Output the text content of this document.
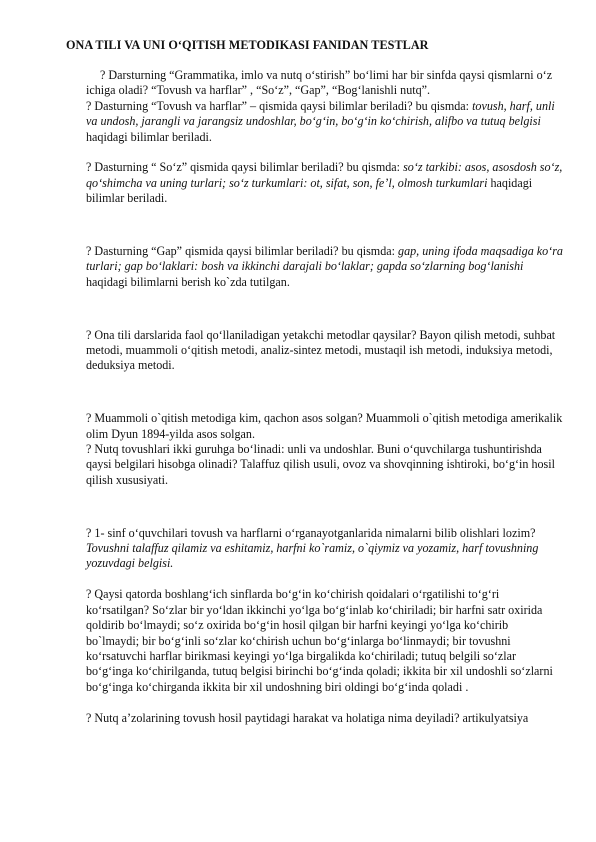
ONA TILI VA UNI O‘QITISH METODIKASI FANIDAN TESTLAR

? Darsturning “Grammatika, imlo va nutq o‘stirish” bo‘limi har bir sinfda qaysi qismlarni o‘z ichiga oladi? “Tovush va harflar” , “So‘z”, “Gap”, “Bog‘lanishli nutq”.

? Dasturning “Tovush va harflar” – qismida qaysi bilimlar beriladi? bu qismda: tovush, harf, unli va undosh, jarangli va jarangsiz undoshlar, bo‘g‘in, bo‘g‘in ko‘chirish, alifbo va tutuq belgisi haqidagi bilimlar beriladi.

? Dasturning “ So‘z” qismida qaysi bilimlar beriladi? bu qismda: so‘z tarkibi: asos, asosdosh so‘z, qo‘shimcha va uning turlari; so‘z turkumlari: ot, sifat, son, fe’l, olmosh turkumlari haqidagi bilimlar beriladi.

? Dasturning “Gap” qismida qaysi bilimlar beriladi? bu qismda: gap, uning ifoda maqsadiga ko‘ra turlari; gap bo‘laklari: bosh va ikkinchi darajali bo‘laklar; gapda so‘zlarning bog‘lanishi haqidagi bilimlarni berish ko`zda tutilgan.

? Ona tili darslarida faol qo‘llaniladigan yetakchi metodlar qaysilar? Bayon qilish metodi, suhbat metodi, muammoli o‘qitish metodi, analiz-sintez metodi, mustaqil ish metodi, induksiya metodi, deduksiya metodi.

? Muammoli o`qitish metodiga kim, qachon asos solgan? Muammoli o`qitish metodiga amerikalik olim Dyun 1894-yilda asos solgan.

? Nutq tovushlari ikki guruhga bo‘linadi: unli va undoshlar. Buni o‘quvchilarga tushuntirishda qaysi belgilari hisobga olinadi? Talaffuz qilish usuli, ovoz va shovqinning ishtiroki, bo‘g‘in hosil qilish xususiyati.

? 1- sinf o‘quvchilari tovush va harflarni o‘rganayotganlarida nimalarni bilib olishlari lozim? Tovushni talaffuz qilamiz va eshitamiz, harfni ko`ramiz, o`qiymiz va yozamiz, harf tovushning yozuvdagi belgisi.

? Qaysi qatorda boshlang‘ich sinflarda bo‘g‘in ko‘chirish qoidalari o‘rgatilishi to‘g‘ri ko‘rsatilgan? So‘zlar bir yo‘ldan ikkinchi yo‘lga bo‘g‘inlab ko‘chiriladi; bir harfni satr oxirida qoldirib bo‘lmaydi; so‘z oxirida bo‘g‘in hosil qilgan bir harfni keyingi yo‘lga ko‘chirib bo`lmaydi; bir bo‘g‘inli so‘zlar ko‘chirish uchun bo‘g‘inlarga bo‘linmaydi; bir tovushni ko‘rsatuvchi harflar birikmasi keyingi yo‘lga birgalikda ko‘chiriladi; tutuq belgili so‘zlar bo‘g‘inga ko‘chirilganda, tutuq belgisi birinchi bo‘g‘inda qoladi; ikkita bir xil undoshli so‘zlarni bo‘g‘inga ko‘chirganda ikkita bir xil undoshning biri oldingi bo‘g‘inda qoladi .

? Nutq a’zolarining tovush hosil paytidagi harakat va holatiga nima deyiladi? artikulyatsiya
